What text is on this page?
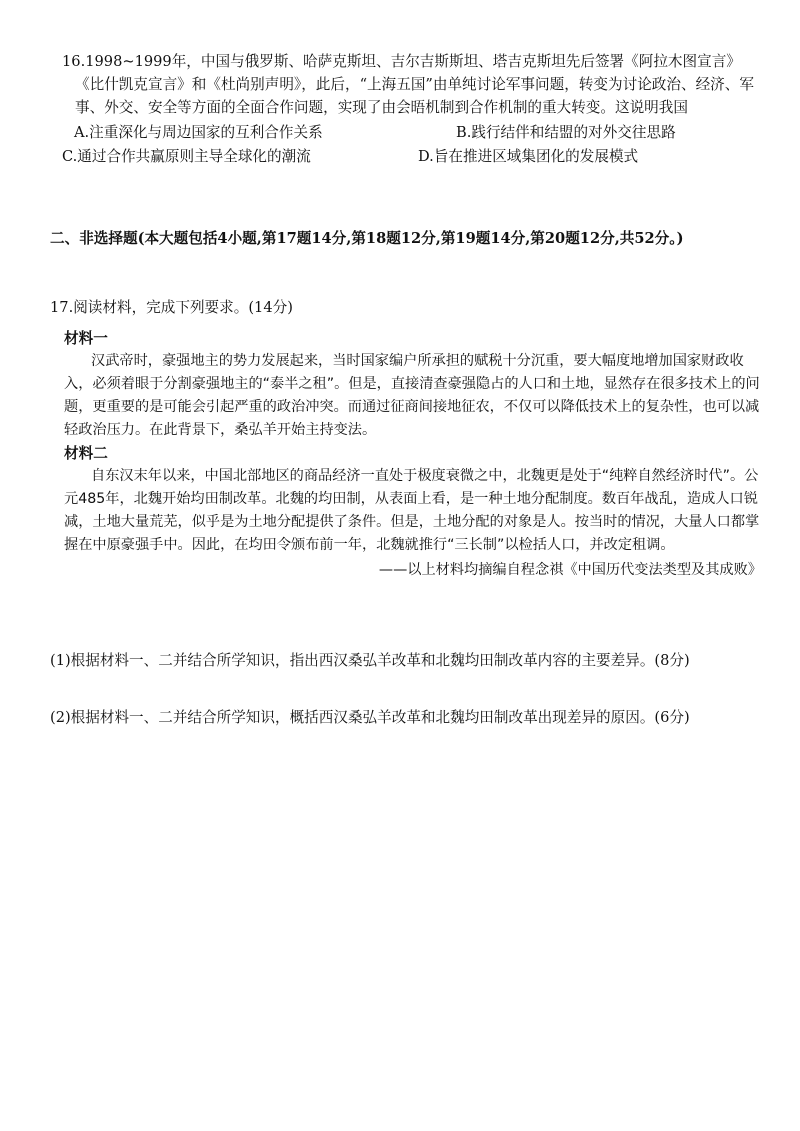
16.1998~1999年，中国与俄罗斯、哈萨克斯坦、吉尔吉斯斯坦、塔吉克斯坦先后签署《阿拉木图宣言》《比什凯克宣言》和《杜尚别声明》，此后，“上海五国”由单纯讨论军事问题，转变为讨论政治、经济、军事、外交、安全等方面的全面合作问题，实现了由会晤机制到合作机制的重大转变。这说明我国
A.注重深化与周边国家的互利合作关系	B.践行结伴和结盟的对外交往思路
C.通过合作共赢原则主导全球化的潮流	D.旨在推进区域集团化的发展模式
二、非选择题(本大题包括4小题,第17题14分,第18题12分,第19题14分,第20题12分,共52分。)
17.阅读材料，完成下列要求。(14分)
材料一
汉武帝时，豪强地主的势力发展起来，当时国家编户所承担的赋税十分沉重，要大幅度地增加国家财政收入，必须着眼于分割豪强地主的“泰半之租”。但是，直接清查豪强隐占的人口和土地，显然存在很多技术上的问题，更重要的是可能会引起严重的政治冲突。而通过征商间接地征农，不仅可以降低技术上的复杂性，也可以减轻政治压力。在此背景下，桑弘羊开始主持变法。
材料二
自东汉末年以来，中国北部地区的商品经济一直处于极度衰微之中，北魏更是处于“纯粹自然经济时代”。公元485年，北魏开始均田制改革。北魏的均田制，从表面上看，是一种土地分配制度。数百年战乱，造成人口锐减，土地大量荒芜，似乎是为土地分配提供了条件。但是，土地分配的对象是人。按当时的情况，大量人口都掌握在中原豪强手中。因此，在均田令颁布前一年，北魏就推行“三长制”以检括人口，并改定租调。
——以上材料均摘编自程念祺《中国历代变法类型及其成败》
(1)根据材料一、二并结合所学知识，指出西汉桑弘羊改革和北魏均田制改革内容的主要差异。(8分)
(2)根据材料一、二并结合所学知识，概括西汉桑弘羊改革和北魏均田制改革出现差异的原因。(6分)
